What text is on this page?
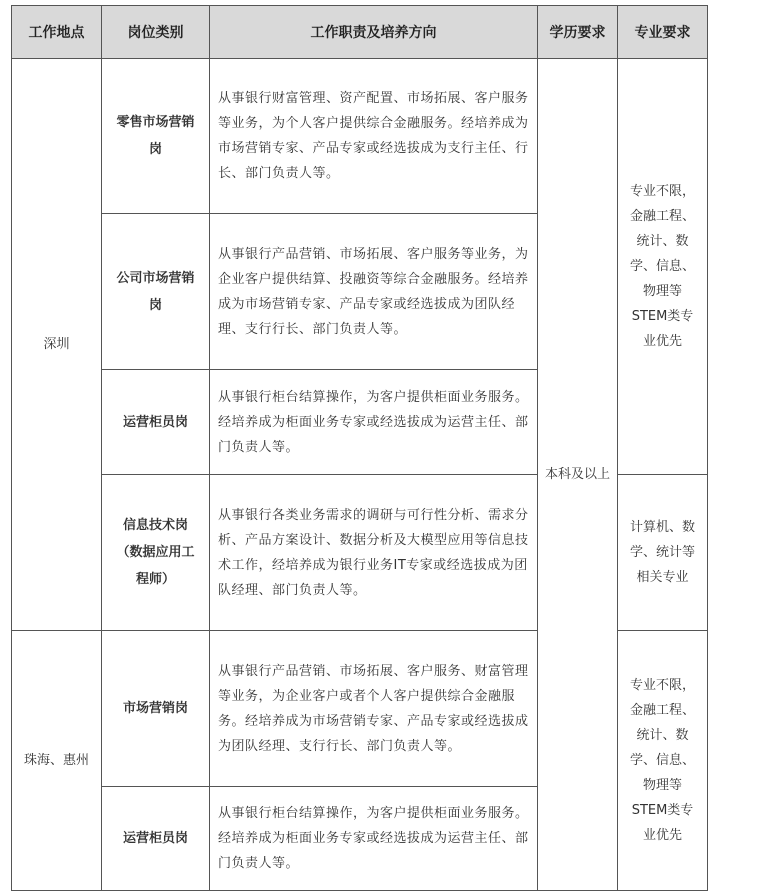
工作地点	岗位类别	工作职责及培养方向	学历要求	专业要求
深圳	零售市场营销岗	从事银行财富管理、资产配置、市场拓展、客户服务等业务，为个人客户提供综合金融服务。经培养成为市场营销专家、产品专家或经选拔成为支行主任、行长、部门负责人等。	本科及以上	专业不限，金融工程、统计、数学、信息、物理等STEM类专业优先
	公司市场营销岗	从事银行产品营销、市场拓展、客户服务等业务，为企业客户提供结算、投融资等综合金融服务。经培养成为市场营销专家、产品专家或经选拔成为团队经理、支行行长、部门负责人等。		
	运营柜员岗	从事银行柜台结算操作，为客户提供柜面业务服务。经培养成为柜面业务专家或经选拔成为运营主任、部门负责人等。		
	信息技术岗（数据应用工程师）	从事银行各类业务需求的调研与可行性分析、需求分析、产品方案设计、数据分析及大模型应用等信息技术工作，经培养成为银行业务IT专家或经选拔成为团队经理、部门负责人等。		计算机、数学、统计等相关专业
珠海、惠州	市场营销岗	从事银行产品营销、市场拓展、客户服务、财富管理等业务，为企业客户或者个人客户提供综合金融服务。经培养成为市场营销专家、产品专家或经选拔成为团队经理、支行行长、部门负责人等。		专业不限，金融工程、统计、数学、信息、物理等STEM类专业优先
	运营柜员岗	从事银行柜台结算操作，为客户提供柜面业务服务。经培养成为柜面业务专家或经选拔成为运营主任、部门负责人等。		
